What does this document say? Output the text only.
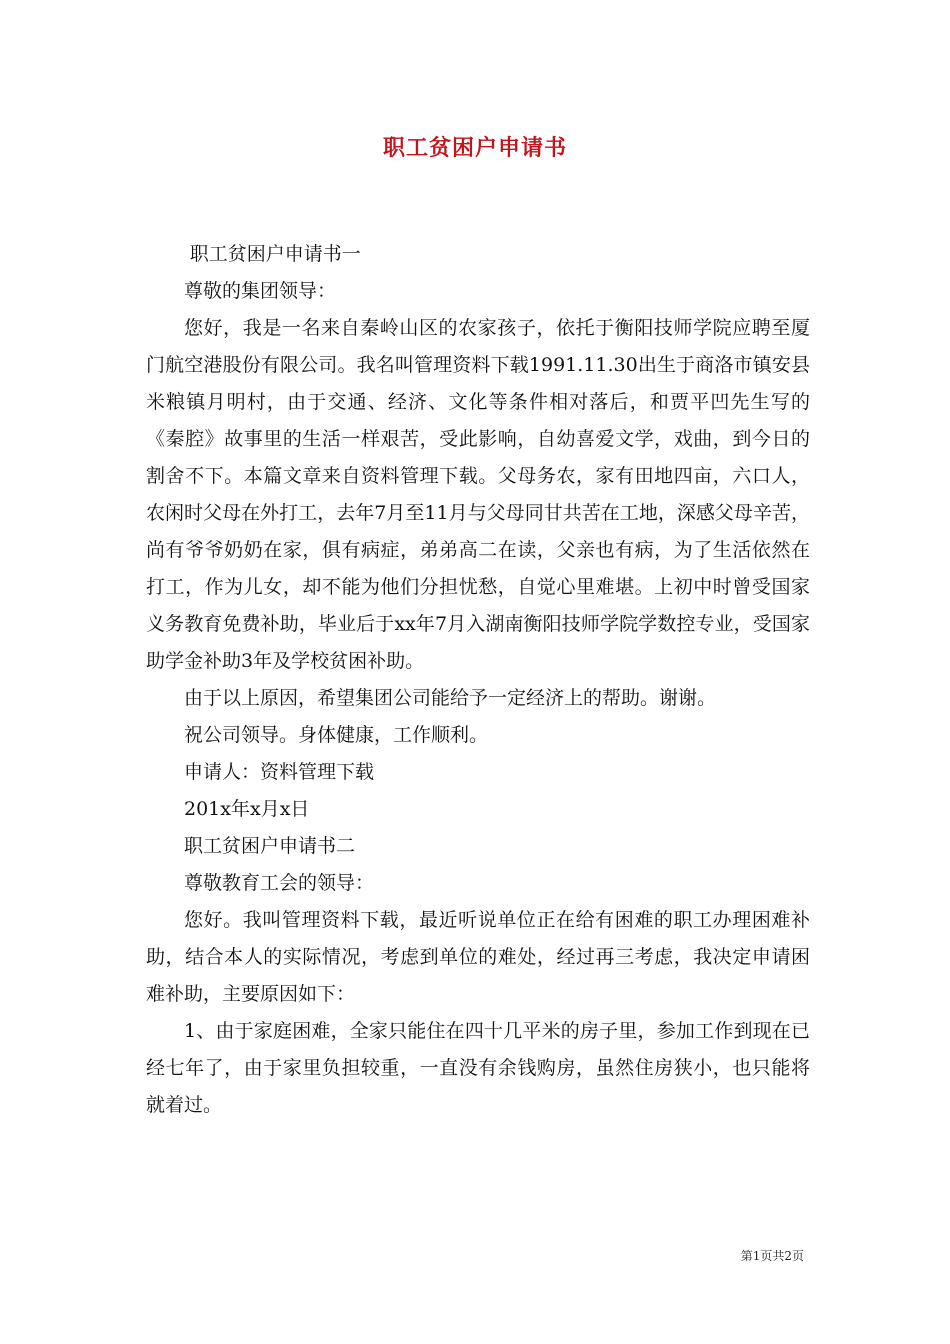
职工贫困户申请书

职工贫困户申请书一

尊敬的集团领导：

您好，我是一名来自秦岭山区的农家孩子，依托于衡阳技师学院应聘至厦门航空港股份有限公司。我名叫管理资料下载1991.11.30出生于商洛市镇安县米粮镇月明村，由于交通、经济、文化等条件相对落后，和贾平凹先生写的《秦腔》故事里的生活一样艰苦，受此影响，自幼喜爱文学，戏曲，到今日的割舍不下。本篇文章来自资料管理下载。父母务农，家有田地四亩，六口人，农闲时父母在外打工，去年7月至11月与父母同甘共苦在工地，深感父母辛苦，尚有爷爷奶奶在家，俱有病症，弟弟高二在读，父亲也有病，为了生活依然在打工，作为儿女，却不能为他们分担忧愁，自觉心里难堪。上初中时曾受国家义务教育免费补助，毕业后于xx年7月入湖南衡阳技师学院学数控专业，受国家助学金补助3年及学校贫困补助。

由于以上原因，希望集团公司能给予一定经济上的帮助。谢谢。

祝公司领导。身体健康，工作顺利。

申请人：资料管理下载

201x年x月x日

职工贫困户申请书二

尊敬教育工会的领导：

您好。我叫管理资料下载，最近听说单位正在给有困难的职工办理困难补助，结合本人的实际情况，考虑到单位的难处，经过再三考虑，我决定申请困难补助，主要原因如下：

1、由于家庭困难，全家只能住在四十几平米的房子里，参加工作到现在已经七年了，由于家里负担较重，一直没有余钱购房，虽然住房狭小，也只能将就着过。

第1页共2页
